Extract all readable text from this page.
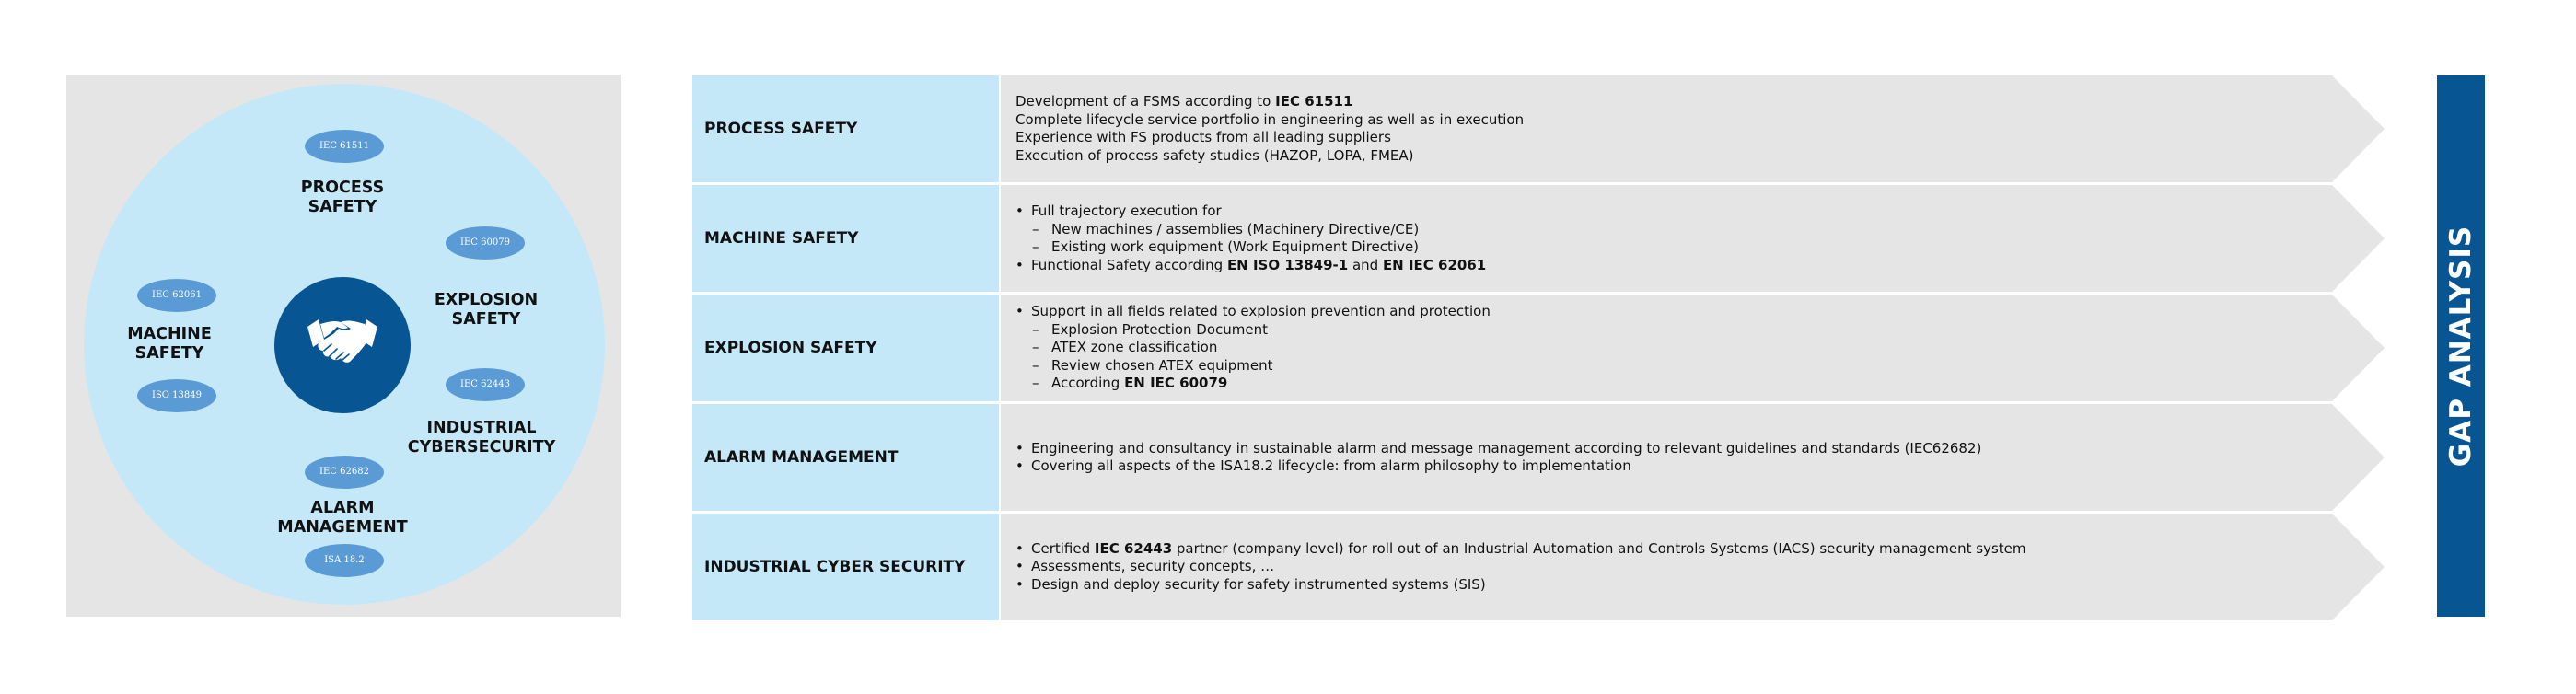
IEC 61511
PROCESS
SAFETY
IEC 60079
EXPLOSION
SAFETY
IEC 62443
INDUSTRIAL
CYBERSECURITY
IEC 62682
ALARM
MANAGEMENT
ISA 18.2
IEC 62061
MACHINE
SAFETY
ISO 13849
PROCESS SAFETY
Development of a FSMS according to IEC 61511
Complete lifecycle service portfolio in engineering as well as in execution
Experience with FS products from all leading suppliers
Execution of process safety studies (HAZOP, LOPA, FMEA)
MACHINE SAFETY
• Full trajectory execution for
– New machines / assemblies (Machinery Directive/CE)
– Existing work equipment (Work Equipment Directive)
• Functional Safety according EN ISO 13849-1 and EN IEC 62061
EXPLOSION SAFETY
• Support in all fields related to explosion prevention and protection
– Explosion Protection Document
– ATEX zone classification
– Review chosen ATEX equipment
– According EN IEC 60079
ALARM MANAGEMENT
• Engineering and consultancy in sustainable alarm and message management according to relevant guidelines and standards (IEC62682)
• Covering all aspects of the ISA18.2 lifecycle: from alarm philosophy to implementation
INDUSTRIAL CYBER SECURITY
• Certified IEC 62443 partner (company level) for roll out of an Industrial Automation and Controls Systems (IACS) security management system
• Assessments, security concepts, …
• Design and deploy security for safety instrumented systems (SIS)
GAP ANALYSIS
